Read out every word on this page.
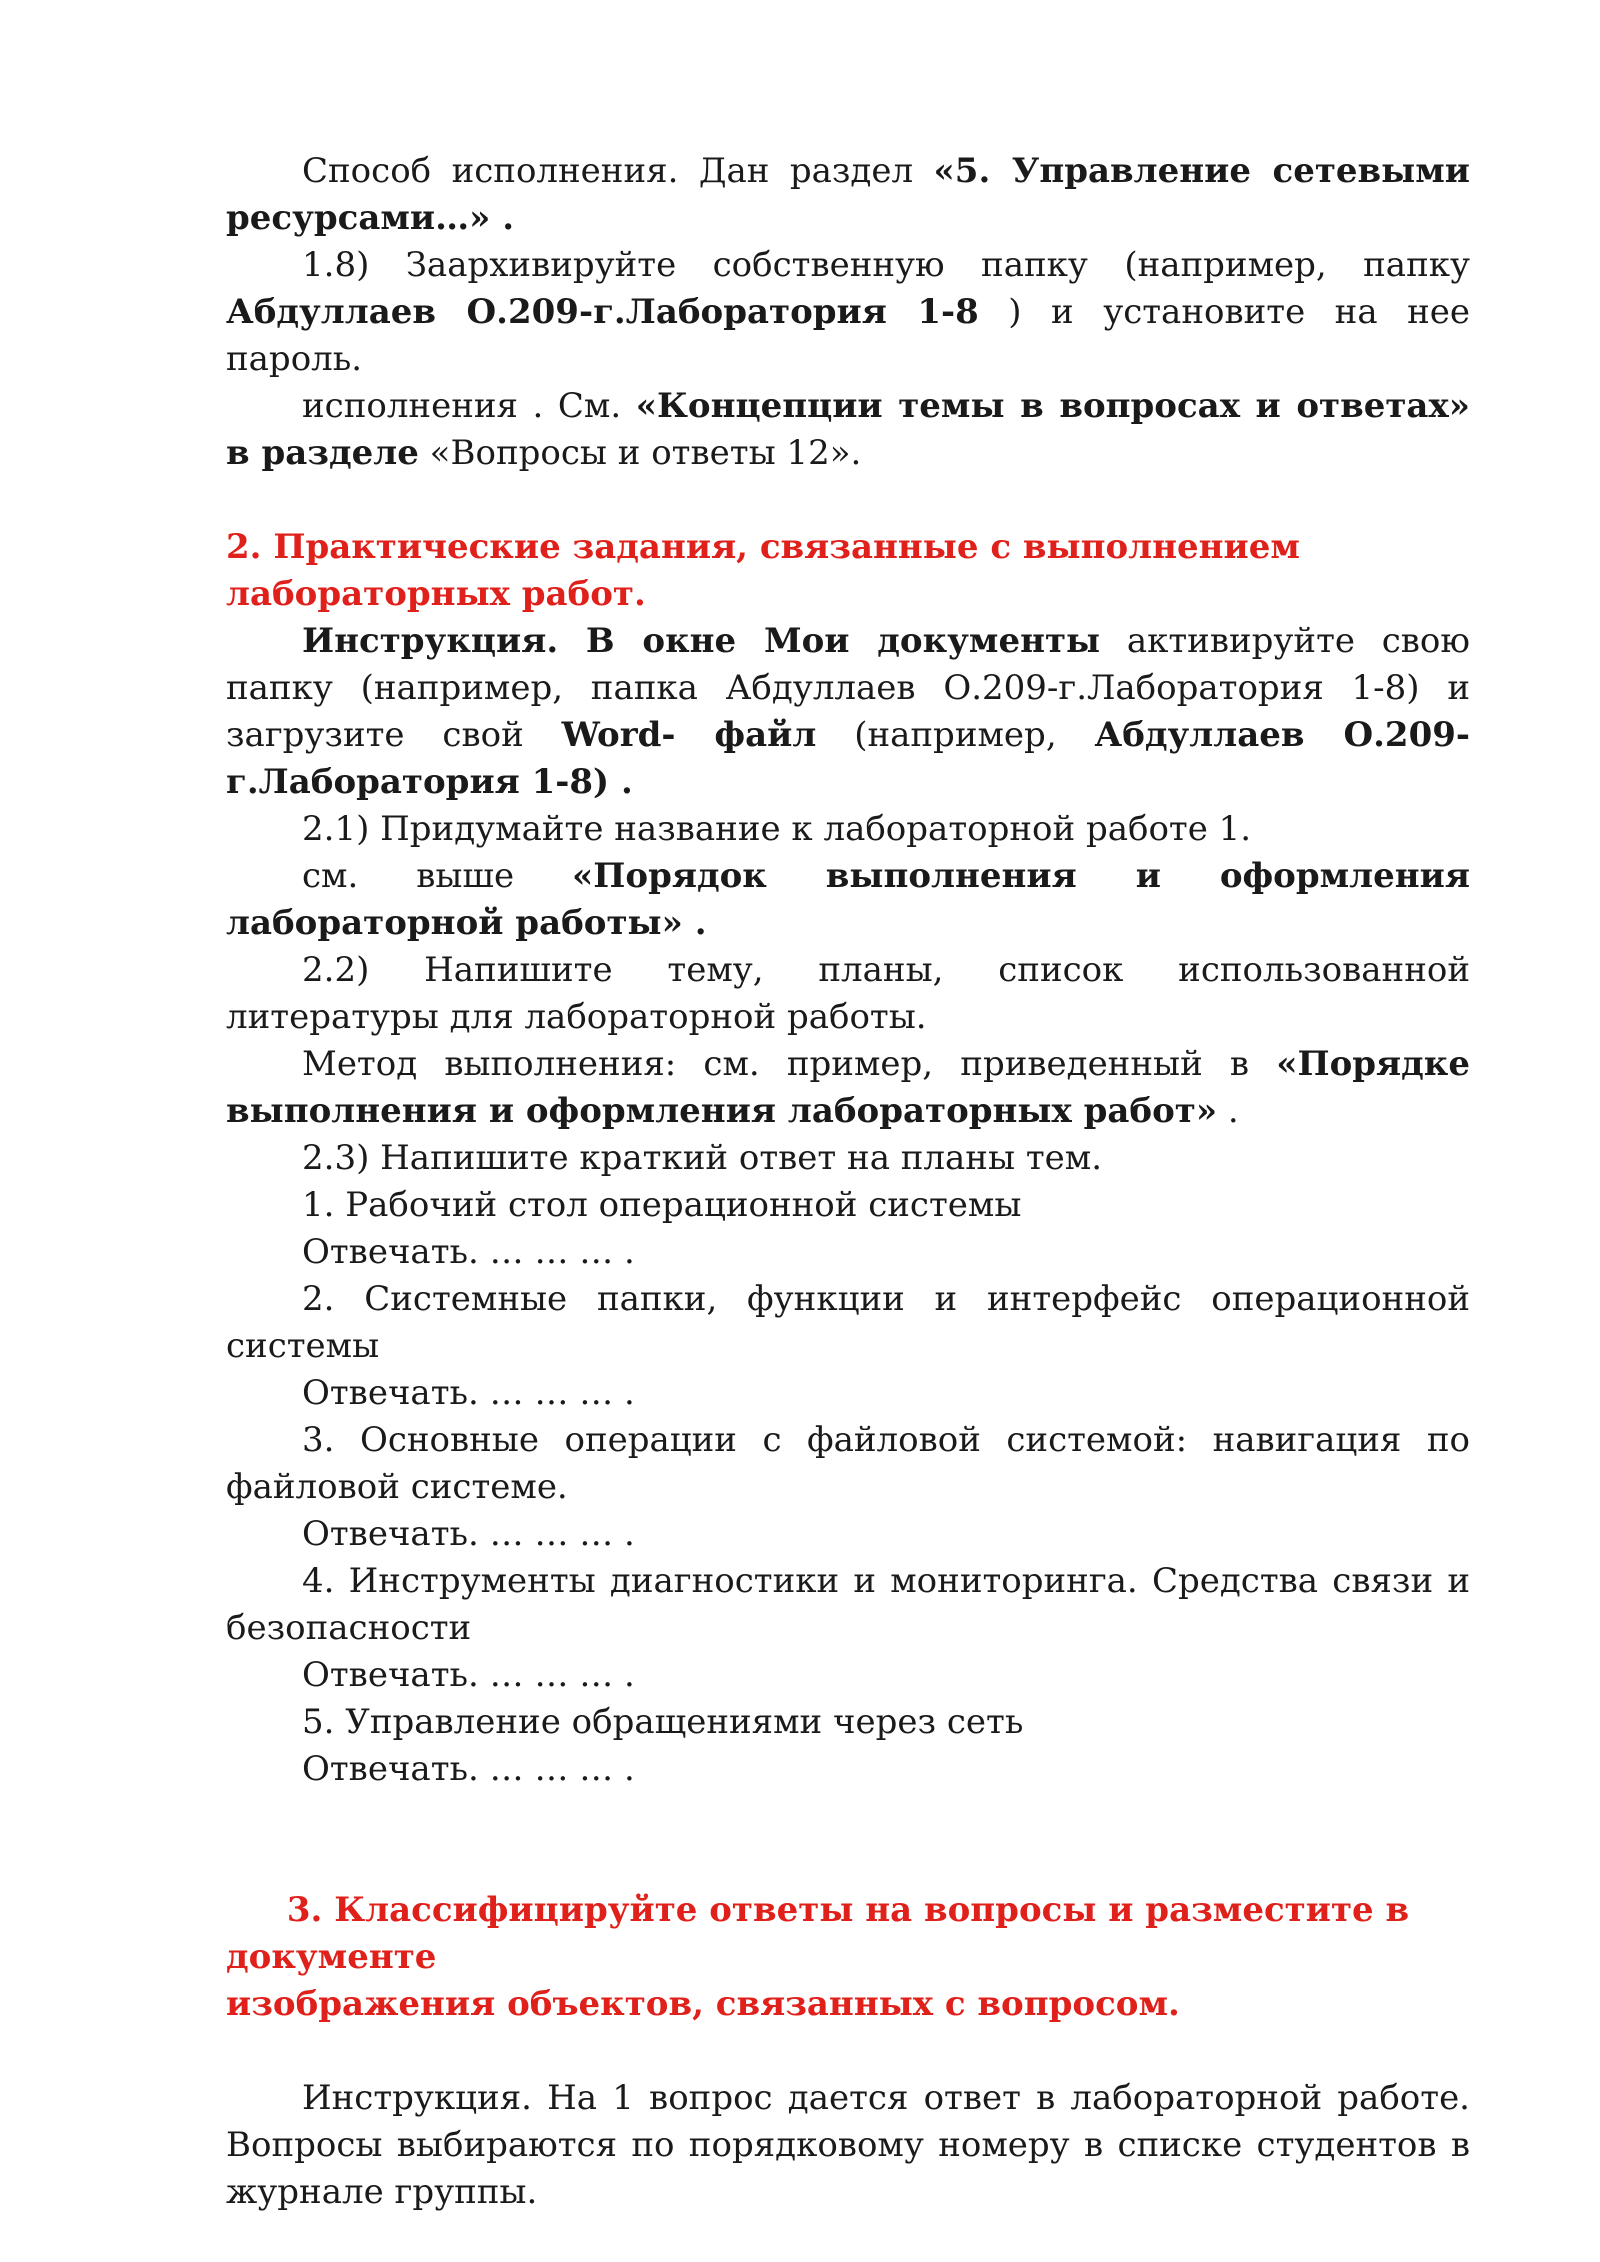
Способ исполнения. Дан раздел «5. Управление сетевыми ресурсами…» .

1.8) Заархивируйте собственную папку (например, папку Абдуллаев О.209-г.Лаборатория 1-8 ) и установите на нее пароль.

исполнения . См. «Концепции темы в вопросах и ответах» в разделе «Вопросы и ответы 12».

2. Практические задания, связанные с выполнением
лабораторных работ.

Инструкция. В окне Мои документы активируйте свою папку (например, папка Абдуллаев О.209-г.Лаборатория 1-8) и загрузите свой Word- файл (например, Абдуллаев О.209-г.Лаборатория 1-8) .

2.1) Придумайте название к лабораторной работе 1.

см. выше «Порядок выполнения и оформления лабораторной работы» .

2.2) Напишите тему, планы, список использованной литературы для лабораторной работы.

Метод выполнения: см. пример, приведенный в «Порядке выполнения и оформления лабораторных работ» .

2.3) Напишите краткий ответ на планы тем.

1. Рабочий стол операционной системы

Отвечать. … … … .

2. Системные папки, функции и интерфейс операционной системы

Отвечать. … … … .

3. Основные операции с файловой системой: навигация по файловой системе.

Отвечать. … … … .

4. Инструменты диагностики и мониторинга. Средства связи и безопасности

Отвечать. … … … .

5. Управление обращениями через сеть

Отвечать. … … … .

3. Классифицируйте ответы на вопросы и разместите в документе
изображения объектов, связанных с вопросом.

Инструкция. На 1 вопрос дается ответ в лабораторной работе. Вопросы выбираются по порядковому номеру в списке студентов в журнале группы.
